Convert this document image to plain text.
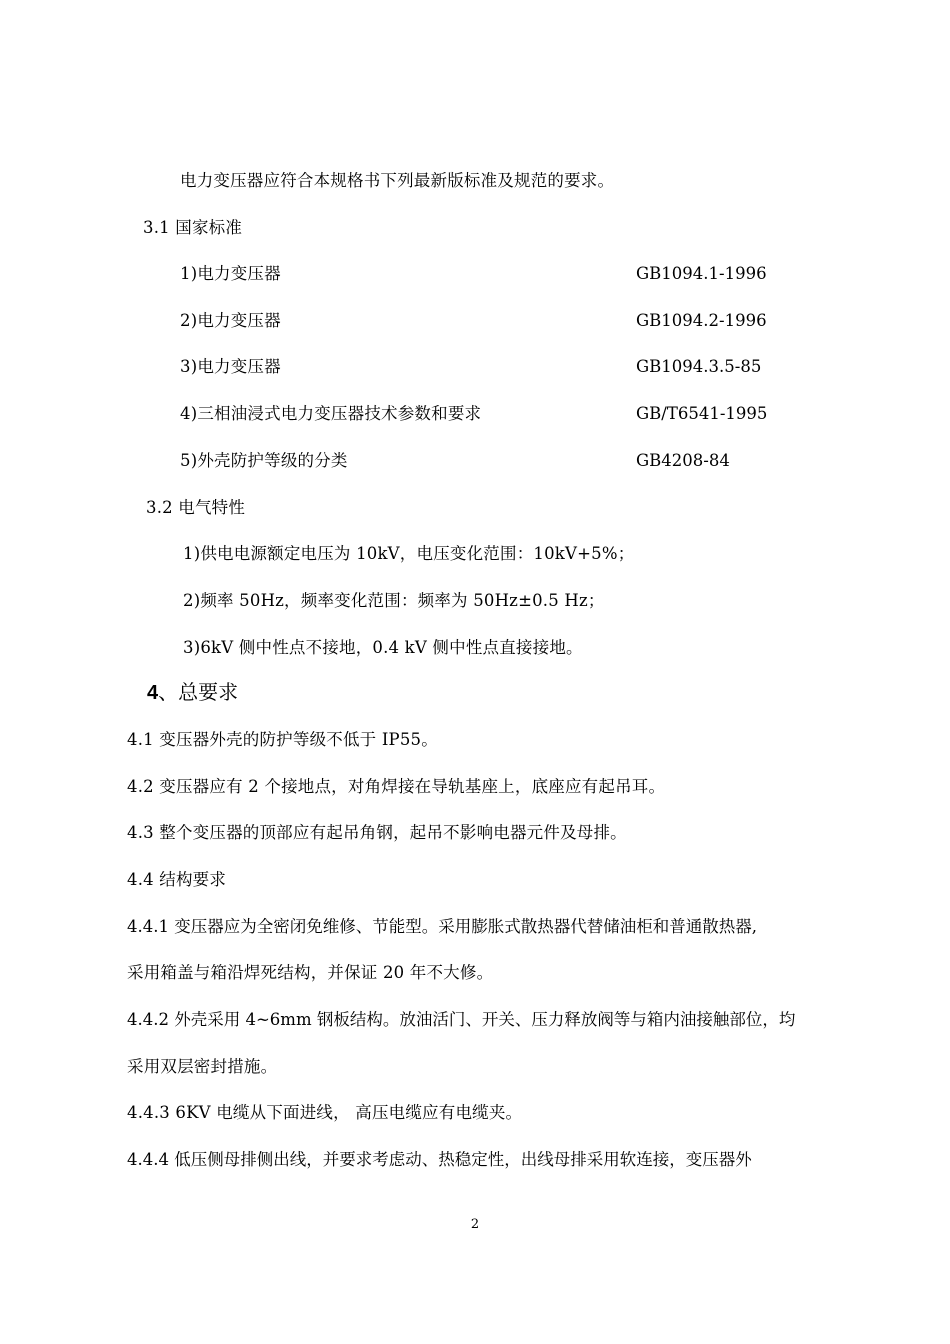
电力变压器应符合本规格书下列最新版标准及规范的要求。
3.1 国家标准
1)电力变压器	GB1094.1-1996
2)电力变压器	GB1094.2-1996
3)电力变压器	GB1094.3.5-85
4)三相油浸式电力变压器技术参数和要求	GB/T6541-1995
5)外壳防护等级的分类	GB4208-84
3.2 电气特性
1)供电电源额定电压为 10kV，电压变化范围：10kV+5%；
2)频率 50Hz，频率变化范围：频率为 50Hz±0.5 Hz；
3)6kV 侧中性点不接地，0.4 kV 侧中性点直接接地。
4、总要求
4.1 变压器外壳的防护等级不低于 IP55。
4.2 变压器应有 2 个接地点，对角焊接在导轨基座上，底座应有起吊耳。
4.3 整个变压器的顶部应有起吊角钢，起吊不影响电器元件及母排。
4.4 结构要求
4.4.1 变压器应为全密闭免维修、节能型。采用膨胀式散热器代替储油柜和普通散热器,
采用箱盖与箱沿焊死结构，并保证 20 年不大修。
4.4.2 外壳采用 4~6mm 钢板结构。放油活门、开关、压力释放阀等与箱内油接触部位，均
采用双层密封措施。
4.4.3 6KV 电缆从下面进线， 高压电缆应有电缆夹。
4.4.4 低压侧母排侧出线，并要求考虑动、热稳定性，出线母排采用软连接，变压器外
2
